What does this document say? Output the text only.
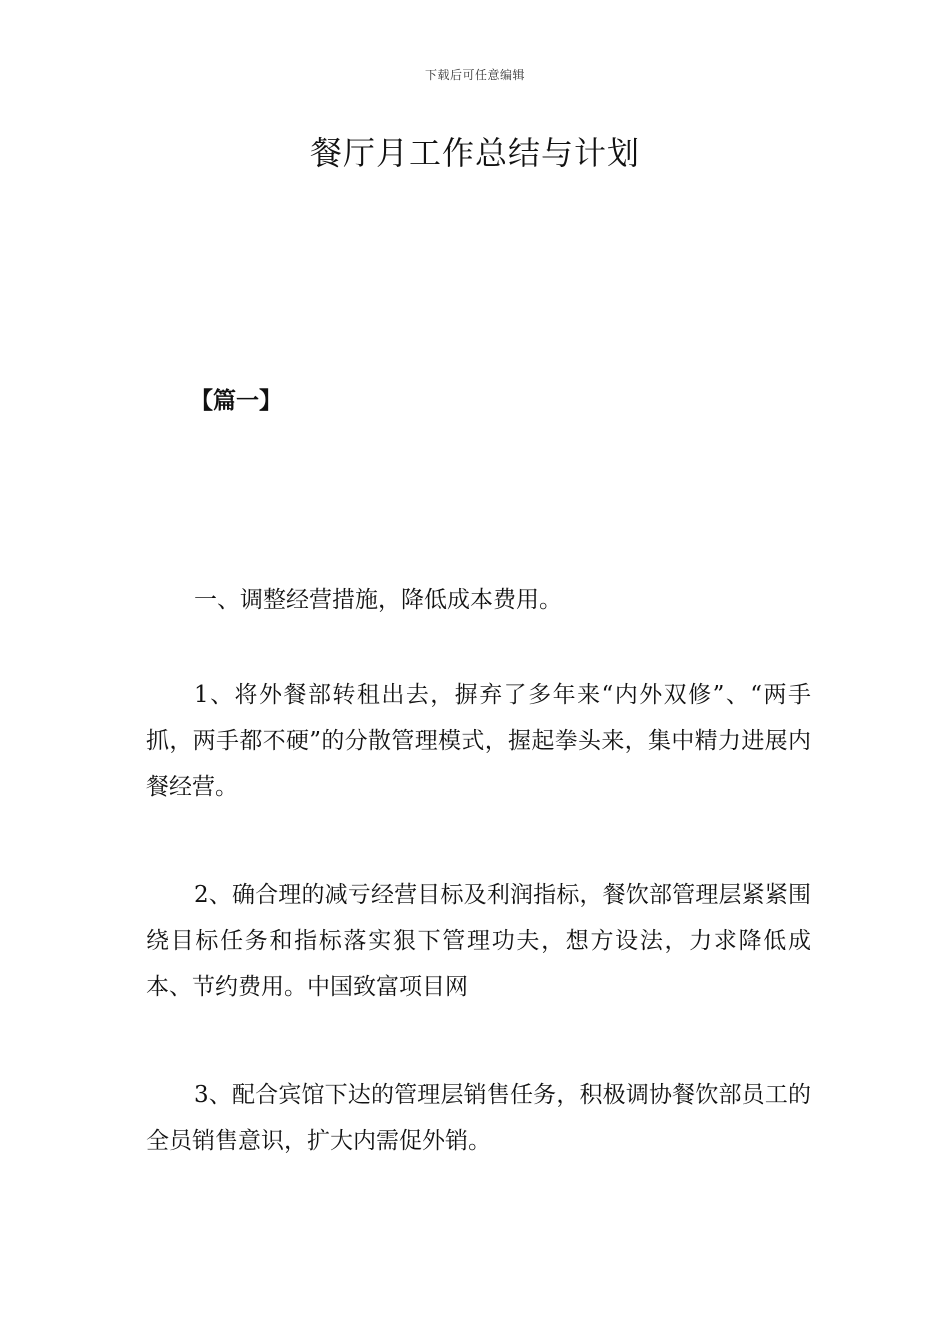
下载后可任意编辑
餐厅月工作总结与计划

【篇一】

一、调整经营措施，降低成本费用。

1、将外餐部转租出去，摒弃了多年来“内外双修”、“两手抓，两手都不硬”的分散管理模式，握起拳头来，集中精力进展内餐经营。

2、确合理的减亏经营目标及利润指标，餐饮部管理层紧紧围绕目标任务和指标落实狠下管理功夫，想方设法，力求降低成本、节约费用。中国致富项目网

3、配合宾馆下达的管理层销售任务，积极调协餐饮部员工的全员销售意识，扩大内需促外销。
